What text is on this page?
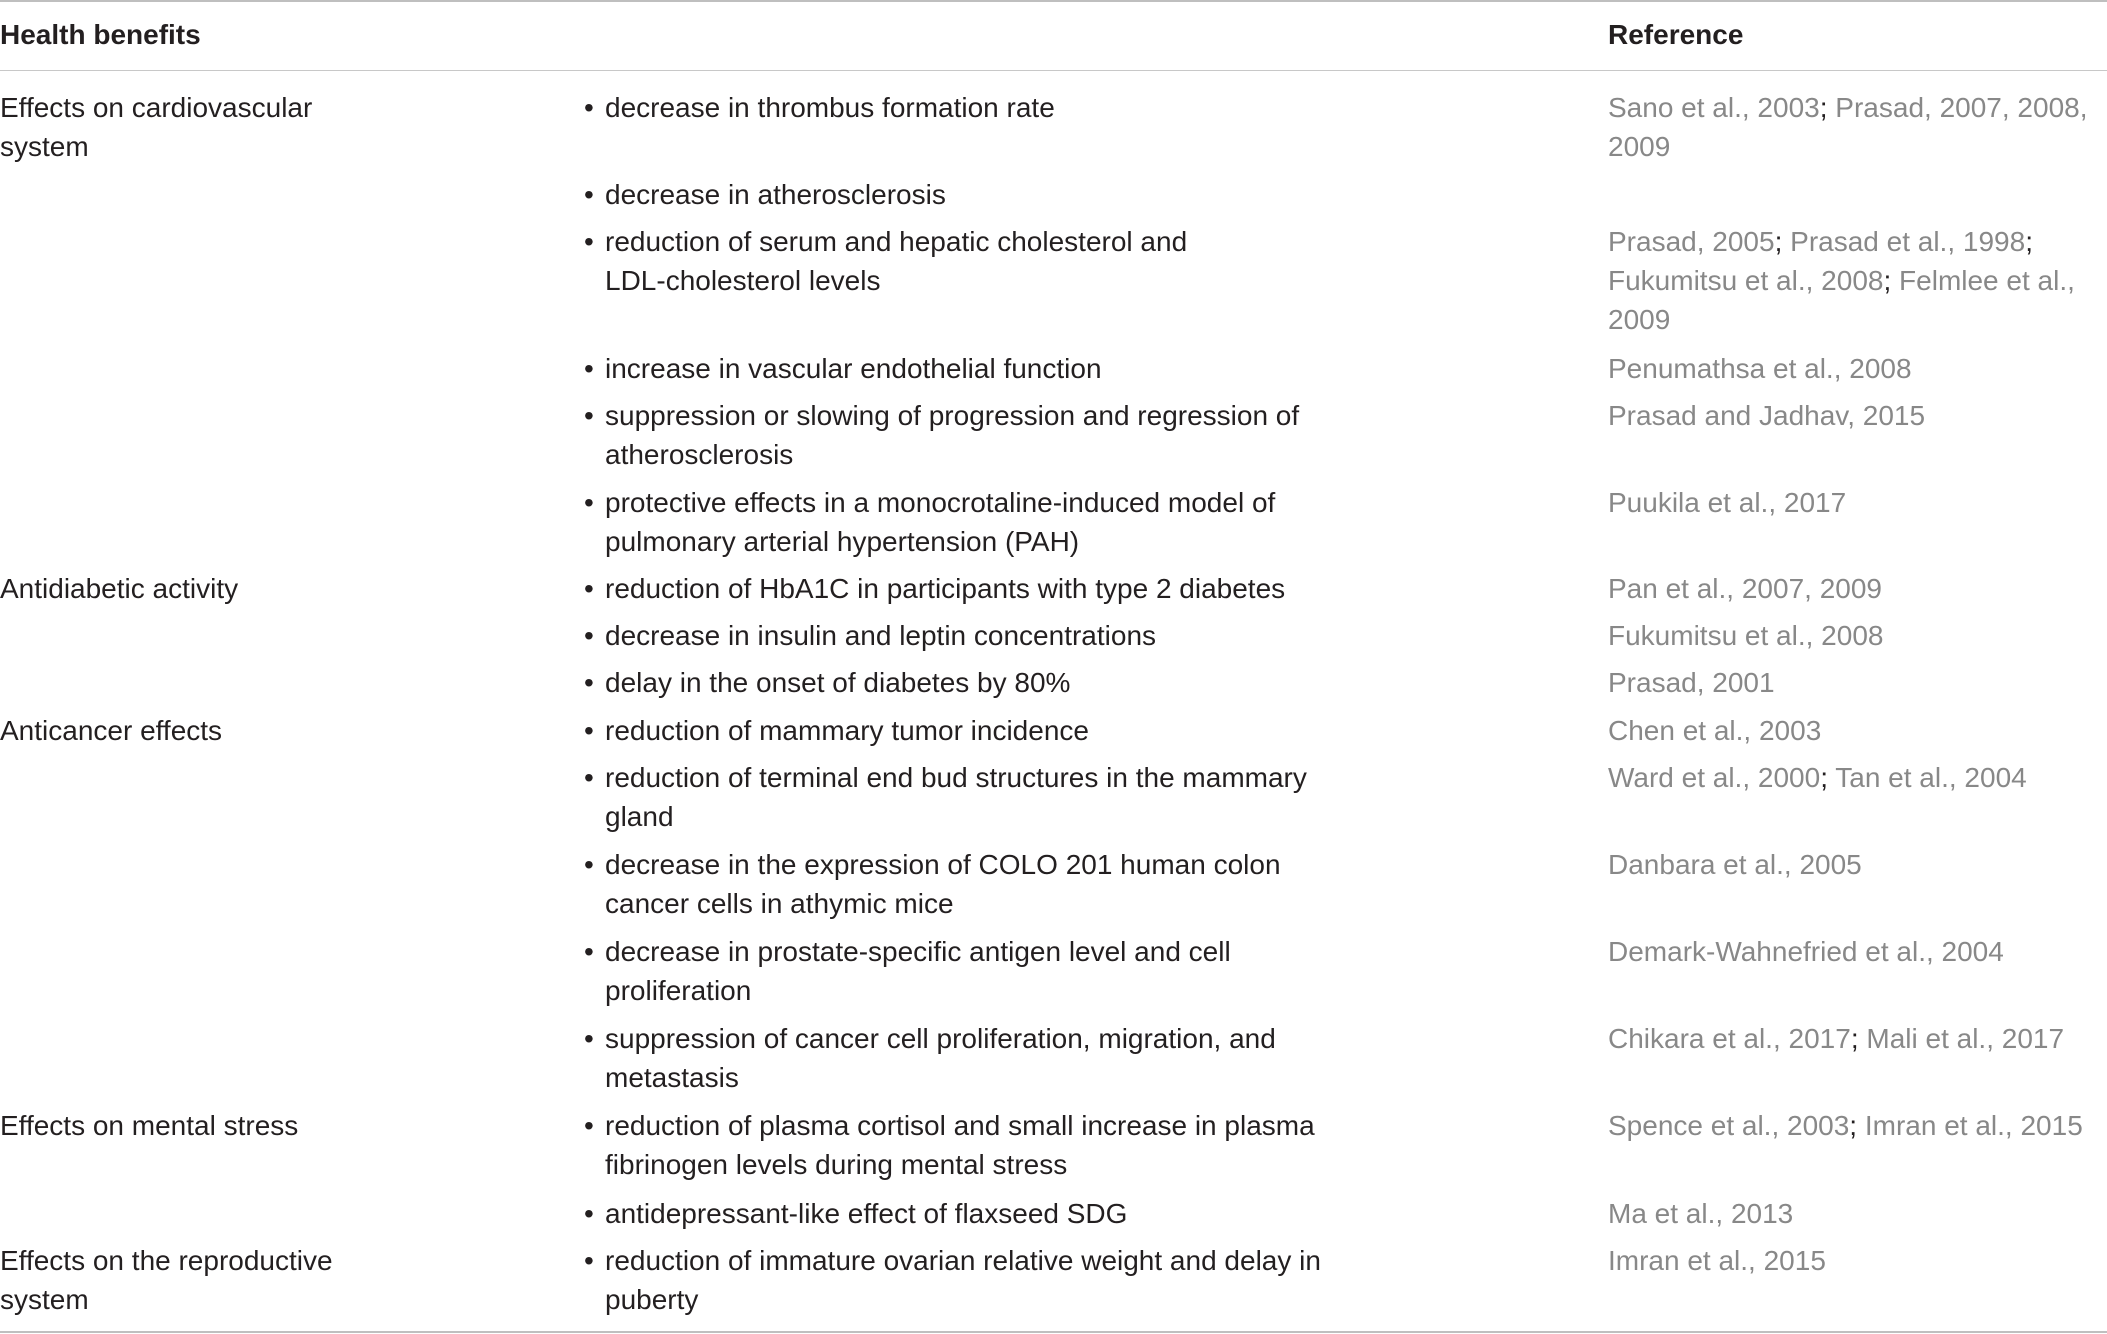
Health benefits	Reference
Effects on cardiovascular
system
Antidiabetic activity
Anticancer effects
Effects on mental stress
Effects on the reproductive
system
• decrease in thrombus formation rate
• decrease in atherosclerosis
• reduction of serum and hepatic cholesterol and
LDL-cholesterol levels
• increase in vascular endothelial function
• suppression or slowing of progression and regression of
atherosclerosis
• protective effects in a monocrotaline-induced model of
pulmonary arterial hypertension (PAH)
• reduction of HbA1C in participants with type 2 diabetes
• decrease in insulin and leptin concentrations
• delay in the onset of diabetes by 80%
• reduction of mammary tumor incidence
• reduction of terminal end bud structures in the mammary
gland
• decrease in the expression of COLO 201 human colon
cancer cells in athymic mice
• decrease in prostate-specific antigen level and cell
proliferation
• suppression of cancer cell proliferation, migration, and
metastasis
• reduction of plasma cortisol and small increase in plasma
fibrinogen levels during mental stress
• antidepressant-like effect of flaxseed SDG
• reduction of immature ovarian relative weight and delay in
puberty
Sano et al., 2003; Prasad, 2007, 2008,
2009
Prasad, 2005; Prasad et al., 1998;
Fukumitsu et al., 2008; Felmlee et al.,
2009
Penumathsa et al., 2008
Prasad and Jadhav, 2015
Puukila et al., 2017
Pan et al., 2007, 2009
Fukumitsu et al., 2008
Prasad, 2001
Chen et al., 2003
Ward et al., 2000; Tan et al., 2004
Danbara et al., 2005
Demark-Wahnefried et al., 2004
Chikara et al., 2017; Mali et al., 2017
Spence et al., 2003; Imran et al., 2015
Ma et al., 2013
Imran et al., 2015
